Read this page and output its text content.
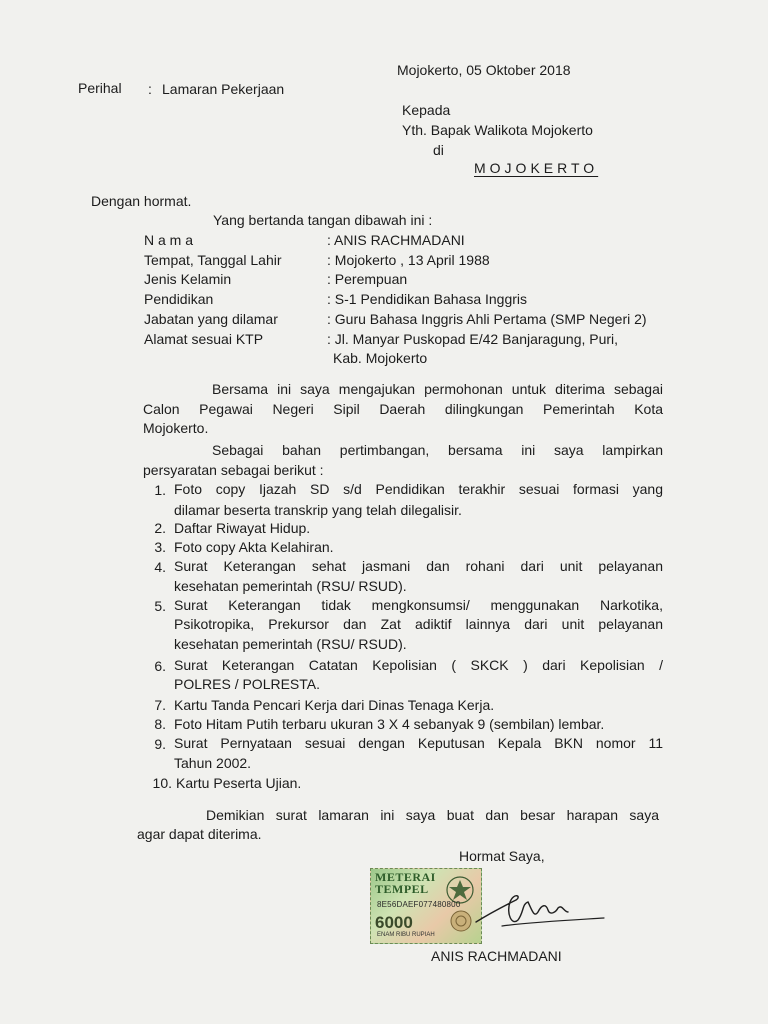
Mojokerto, 05 Oktober 2018
Perihal : Lamaran Pekerjaan
Kepada
Yth. Bapak Walikota Mojokerto
di
MOJOKERTO
Dengan hormat.
Yang bertanda tangan dibawah ini :
N a m a	: ANIS RACHMADANI
Tempat, Tanggal Lahir	: Mojokerto , 13 April 1988
Jenis Kelamin	: Perempuan
Pendidikan	: S-1 Pendidikan Bahasa Inggris
Jabatan yang dilamar	: Guru Bahasa Inggris Ahli Pertama (SMP Negeri 2)
Alamat sesuai KTP	: Jl. Manyar Puskopad E/42 Banjaragung, Puri,
Kab. Mojokerto
Bersama ini saya mengajukan permohonan untuk diterima sebagai
Calon Pegawai Negeri Sipil Daerah dilingkungan Pemerintah Kota
Mojokerto.
Sebagai bahan pertimbangan, bersama ini saya lampirkan
persyaratan sebagai berikut :
1. Foto copy Ijazah SD s/d Pendidikan terakhir sesuai formasi yang
dilamar beserta transkrip yang telah dilegalisir.
2. Daftar Riwayat Hidup.
3. Foto copy Akta Kelahiran.
4. Surat Keterangan sehat jasmani dan rohani dari unit pelayanan
kesehatan pemerintah (RSU/ RSUD).
5. Surat Keterangan tidak mengkonsumsi/ menggunakan Narkotika,
Psikotropika, Prekursor dan Zat adiktif lainnya dari unit pelayanan
kesehatan pemerintah (RSU/ RSUD).
6. Surat Keterangan Catatan Kepolisian ( SKCK ) dari Kepolisian /
POLRES / POLRESTA.
7. Kartu Tanda Pencari Kerja dari Dinas Tenaga Kerja.
8. Foto Hitam Putih terbaru ukuran 3 X 4 sebanyak 9 (sembilan) lembar.
9. Surat Pernyataan sesuai dengan Keputusan Kepala BKN nomor 11
Tahun 2002.
10. Kartu Peserta Ujian.
Demikian surat lamaran ini saya buat dan besar harapan saya
agar dapat diterima.
Hormat Saya,
METERAI
TEMPEL
8E56DAEF077480800
6000
ENAM RIBU RUPIAH
ANIS RACHMADANI
